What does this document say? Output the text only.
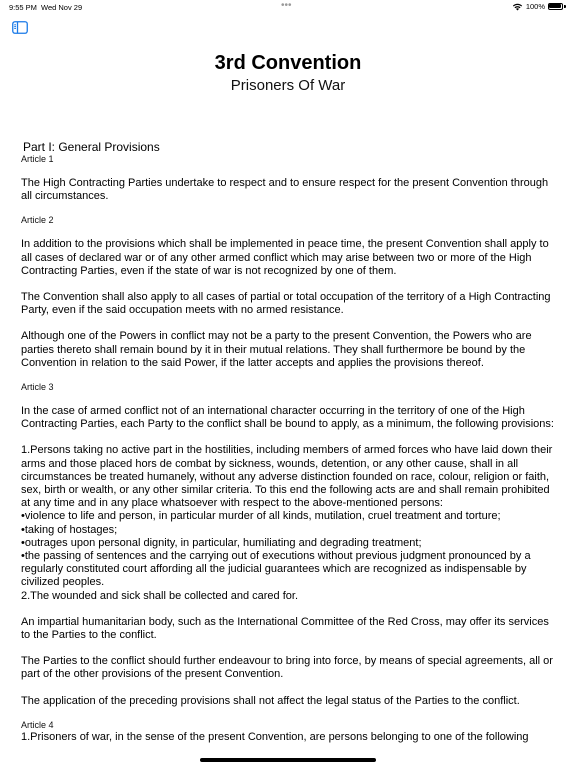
9:55 PM Wed Nov 29	•••	100%
3rd Convention
Prisoners Of War

Part I: General Provisions

Article 1

The High Contracting Parties undertake to respect and to ensure respect for the present Convention through all circumstances.

Article 2

In addition to the provisions which shall be implemented in peace time, the present Convention shall apply to all cases of declared war or of any other armed conflict which may arise between two or more of the High Contracting Parties, even if the state of war is not recognized by one of them.

The Convention shall also apply to all cases of partial or total occupation of the territory of a High Contracting Party, even if the said occupation meets with no armed resistance.

Although one of the Powers in conflict may not be a party to the present Convention, the Powers who are parties thereto shall remain bound by it in their mutual relations. They shall furthermore be bound by the Convention in relation to the said Power, if the latter accepts and applies the provisions thereof.

Article 3

In the case of armed conflict not of an international character occurring in the territory of one of the High Contracting Parties, each Party to the conflict shall be bound to apply, as a minimum, the following provisions:

1.Persons taking no active part in the hostilities, including members of armed forces who have laid down their arms and those placed hors de combat by sickness, wounds, detention, or any other cause, shall in all circumstances be treated humanely, without any adverse distinction founded on race, colour, religion or faith, sex, birth or wealth, or any other similar criteria. To this end the following acts are and shall remain prohibited at any time and in any place whatsoever with respect to the above-mentioned persons:

•violence to life and person, in particular murder of all kinds, mutilation, cruel treatment and torture;

•taking of hostages;

•outrages upon personal dignity, in particular, humiliating and degrading treatment;

•the passing of sentences and the carrying out of executions without previous judgment pronounced by a regularly constituted court affording all the judicial guarantees which are recognized as indispensable by civilized peoples.

2.The wounded and sick shall be collected and cared for.

An impartial humanitarian body, such as the International Committee of the Red Cross, may offer its services to the Parties to the conflict.

The Parties to the conflict should further endeavour to bring into force, by means of special agreements, all or part of the other provisions of the present Convention.

The application of the preceding provisions shall not affect the legal status of the Parties to the conflict.

Article 4

1.Prisoners of war, in the sense of the present Convention, are persons belonging to one of the following
